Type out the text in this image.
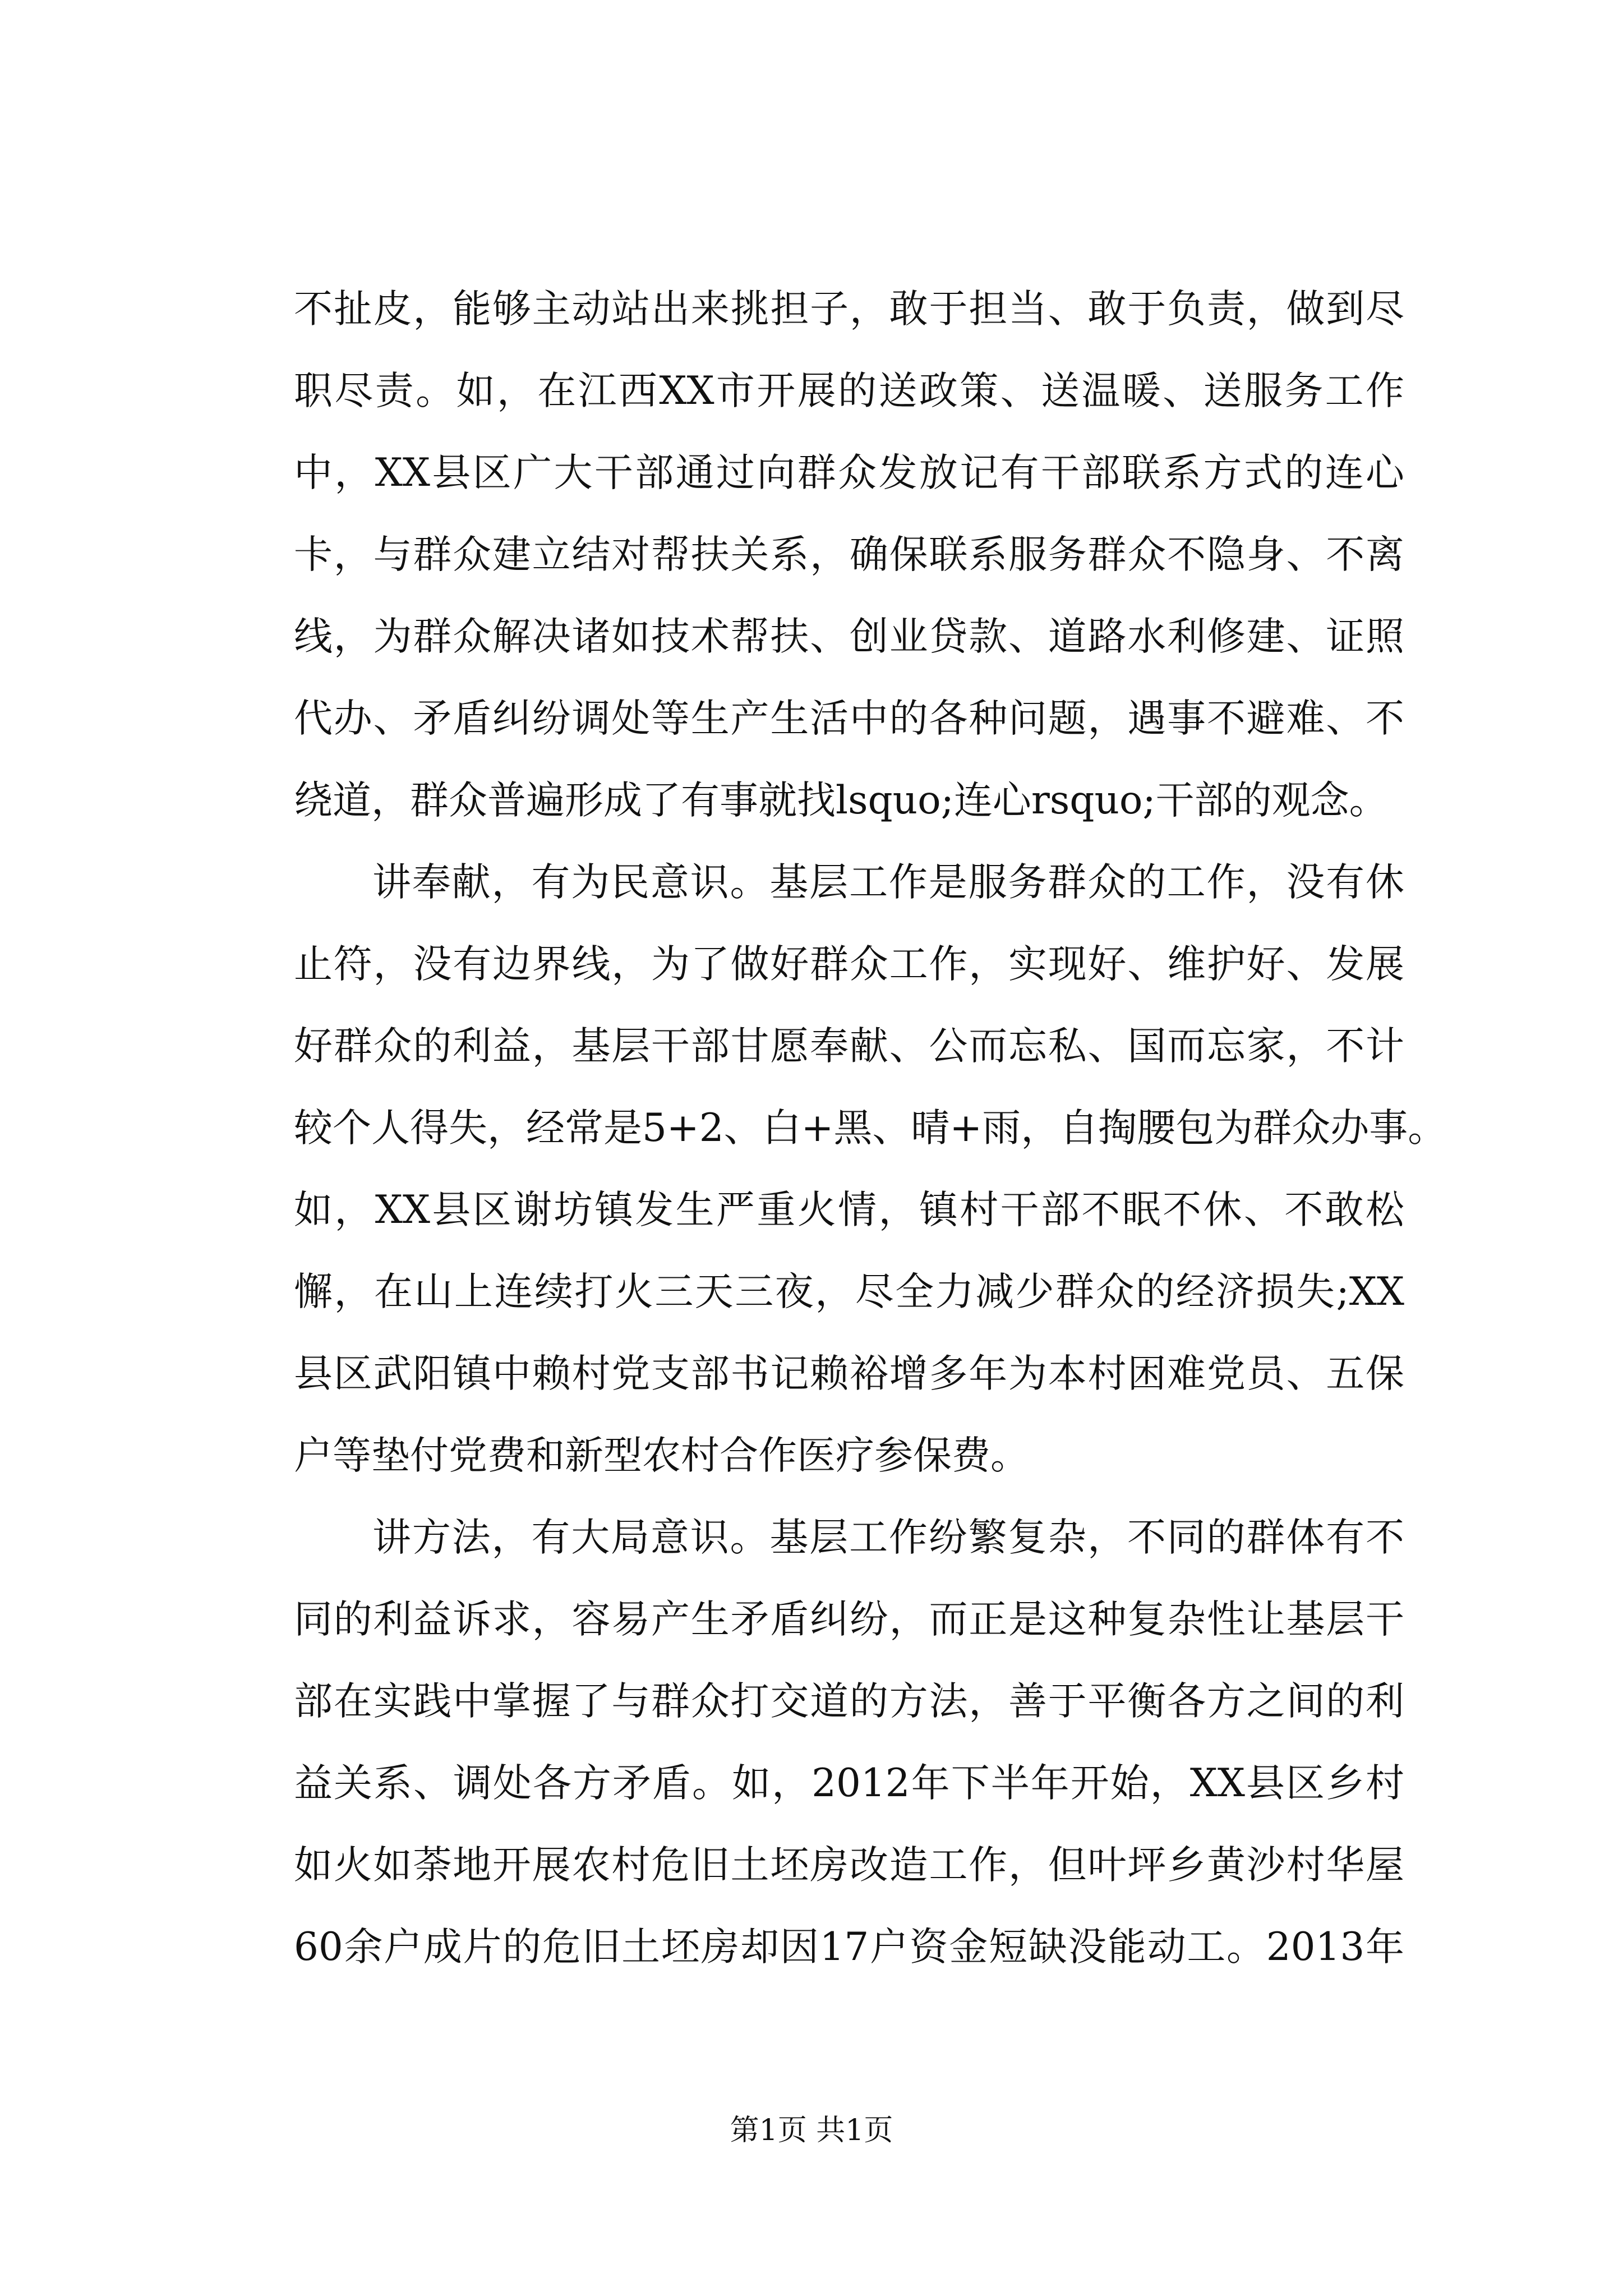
不扯皮，能够主动站出来挑担子，敢于担当、敢于负责，做到尽
职尽责。如，在江西XX市开展的送政策、送温暖、送服务工作
中，XX县区广大干部通过向群众发放记有干部联系方式的连心
卡，与群众建立结对帮扶关系，确保联系服务群众不隐身、不离
线，为群众解决诸如技术帮扶、创业贷款、道路水利修建、证照
代办、矛盾纠纷调处等生产生活中的各种问题，遇事不避难、不
绕道，群众普遍形成了有事就找lsquo;连心rsquo;干部的观念。
讲奉献，有为民意识。基层工作是服务群众的工作，没有休
止符，没有边界线，为了做好群众工作，实现好、维护好、发展
好群众的利益，基层干部甘愿奉献、公而忘私、国而忘家，不计
较个人得失，经常是5+2、白+黑、晴+雨，自掏腰包为群众办事。
如，XX县区谢坊镇发生严重火情，镇村干部不眠不休、不敢松
懈，在山上连续打火三天三夜，尽全力减少群众的经济损失;XX
县区武阳镇中赖村党支部书记赖裕增多年为本村困难党员、五保
户等垫付党费和新型农村合作医疗参保费。
讲方法，有大局意识。基层工作纷繁复杂，不同的群体有不
同的利益诉求，容易产生矛盾纠纷，而正是这种复杂性让基层干
部在实践中掌握了与群众打交道的方法，善于平衡各方之间的利
益关系、调处各方矛盾。如，2012年下半年开始，XX县区乡村
如火如荼地开展农村危旧土坯房改造工作，但叶坪乡黄沙村华屋
60余户成片的危旧土坯房却因17户资金短缺没能动工。2013年
第1页 共1页
